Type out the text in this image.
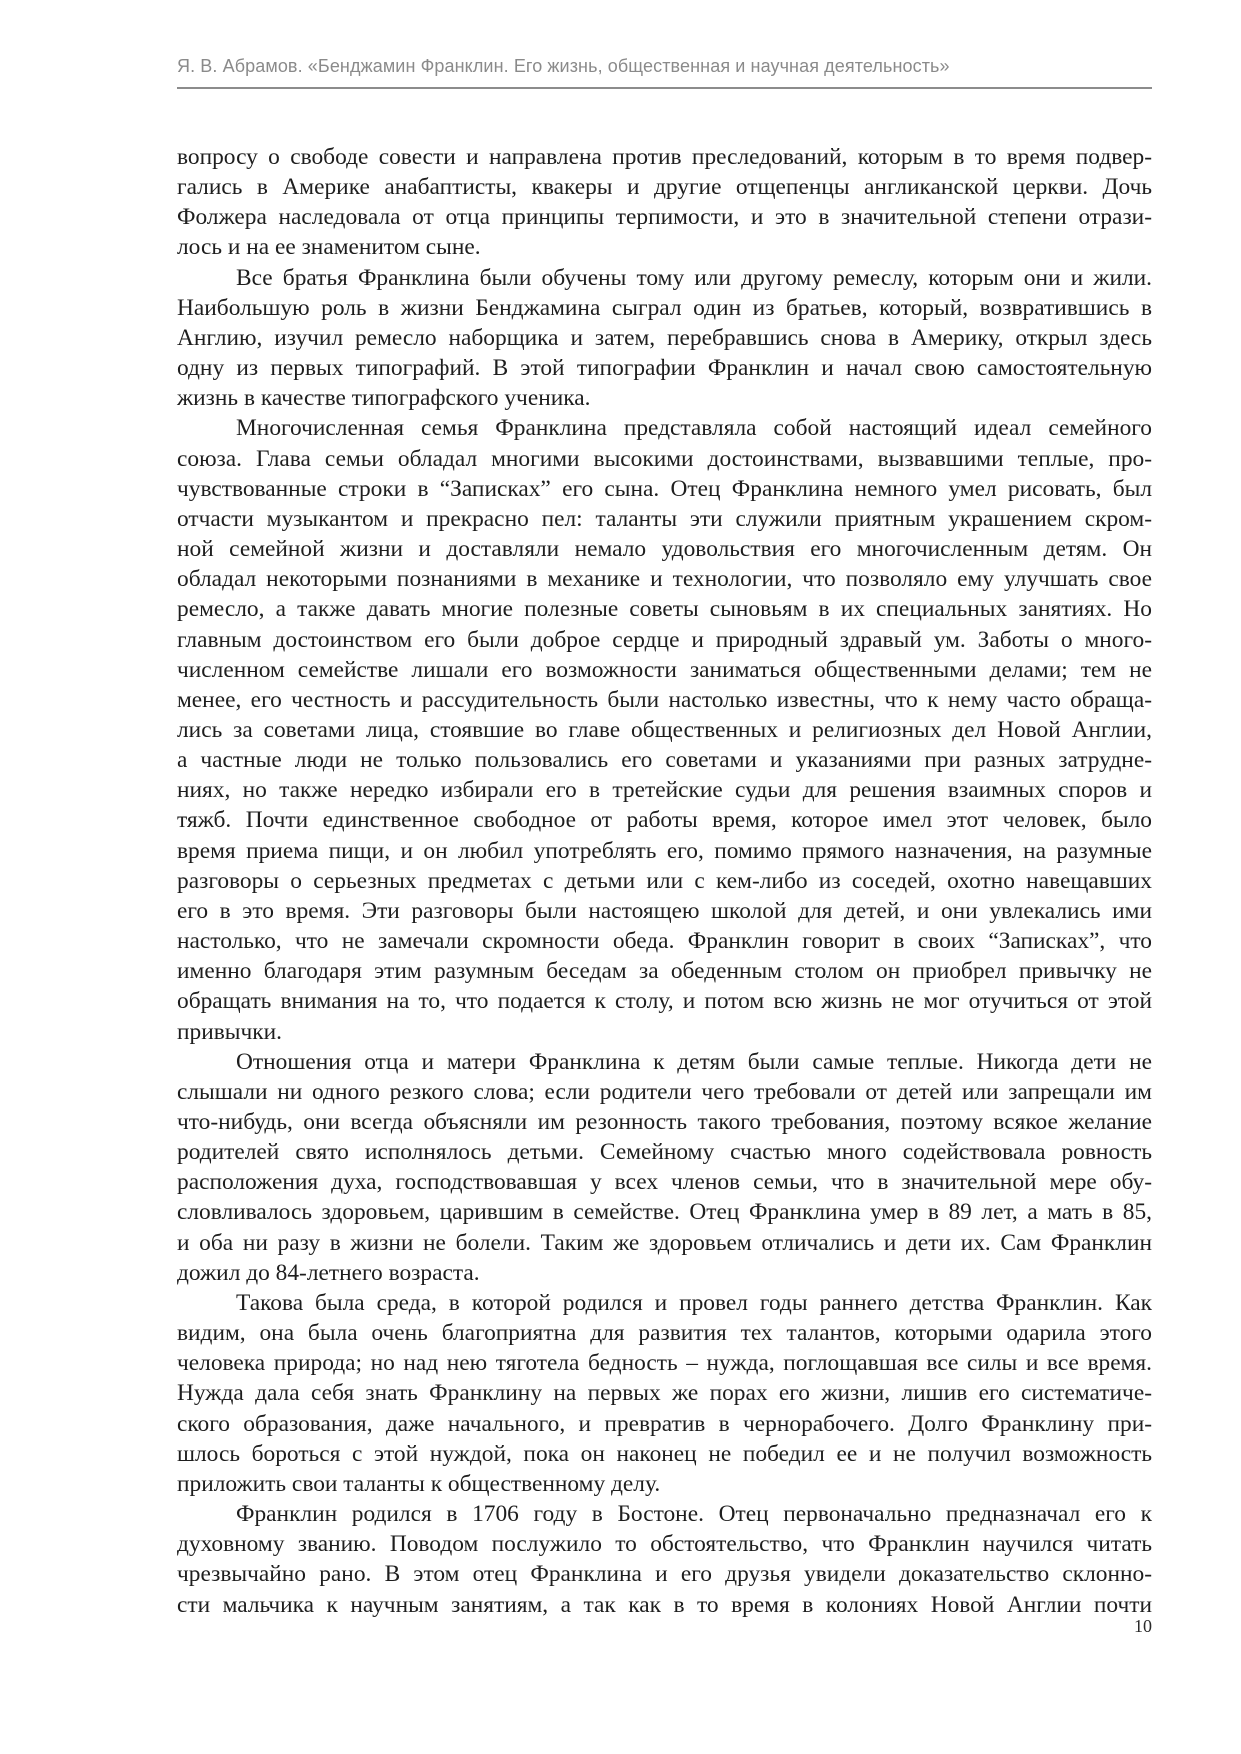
Я. В. Абрамов. «Бенджамин Франклин. Его жизнь, общественная и научная деятельность»
вопросу о свободе совести и направлена против преследований, которым в то время подвер-
гались в Америке анабаптисты, квакеры и другие отщепенцы англиканской церкви. Дочь
Фолжера наследовала от отца принципы терпимости, и это в значительной степени отрази-
лось и на ее знаменитом сыне.
Все братья Франклина были обучены тому или другому ремеслу, которым они и жили.
Наибольшую роль в жизни Бенджамина сыграл один из братьев, который, возвратившись в
Англию, изучил ремесло наборщика и затем, перебравшись снова в Америку, открыл здесь
одну из первых типографий. В этой типографии Франклин и начал свою самостоятельную
жизнь в качестве типографского ученика.
Многочисленная семья Франклина представляла собой настоящий идеал семейного
союза. Глава семьи обладал многими высокими достоинствами, вызвавшими теплые, про-
чувствованные строки в “Записках” его сына. Отец Франклина немного умел рисовать, был
отчасти музыкантом и прекрасно пел: таланты эти служили приятным украшением скром-
ной семейной жизни и доставляли немало удовольствия его многочисленным детям. Он
обладал некоторыми познаниями в механике и технологии, что позволяло ему улучшать свое
ремесло, а также давать многие полезные советы сыновьям в их специальных занятиях. Но
главным достоинством его были доброе сердце и природный здравый ум. Заботы о много-
численном семействе лишали его возможности заниматься общественными делами; тем не
менее, его честность и рассудительность были настолько известны, что к нему часто обраща-
лись за советами лица, стоявшие во главе общественных и религиозных дел Новой Англии,
а частные люди не только пользовались его советами и указаниями при разных затрудне-
ниях, но также нередко избирали его в третейские судьи для решения взаимных споров и
тяжб. Почти единственное свободное от работы время, которое имел этот человек, было
время приема пищи, и он любил употреблять его, помимо прямого назначения, на разумные
разговоры о серьезных предметах с детьми или с кем-либо из соседей, охотно навещавших
его в это время. Эти разговоры были настоящею школой для детей, и они увлекались ими
настолько, что не замечали скромности обеда. Франклин говорит в своих “Записках”, что
именно благодаря этим разумным беседам за обеденным столом он приобрел привычку не
обращать внимания на то, что подается к столу, и потом всю жизнь не мог отучиться от этой
привычки.
Отношения отца и матери Франклина к детям были самые теплые. Никогда дети не
слышали ни одного резкого слова; если родители чего требовали от детей или запрещали им
что-нибудь, они всегда объясняли им резонность такого требования, поэтому всякое желание
родителей свято исполнялось детьми. Семейному счастью много содействовала ровность
расположения духа, господствовавшая у всех членов семьи, что в значительной мере обу-
словливалось здоровьем, царившим в семействе. Отец Франклина умер в 89 лет, а мать в 85,
и оба ни разу в жизни не болели. Таким же здоровьем отличались и дети их. Сам Франклин
дожил до 84-летнего возраста.
Такова была среда, в которой родился и провел годы раннего детства Франклин. Как
видим, она была очень благоприятна для развития тех талантов, которыми одарила этого
человека природа; но над нею тяготела бедность – нужда, поглощавшая все силы и все время.
Нужда дала себя знать Франклину на первых же порах его жизни, лишив его систематиче-
ского образования, даже начального, и превратив в чернорабочего. Долго Франклину при-
шлось бороться с этой нуждой, пока он наконец не победил ее и не получил возможность
приложить свои таланты к общественному делу.
Франклин родился в 1706 году в Бостоне. Отец первоначально предназначал его к
духовному званию. Поводом послужило то обстоятельство, что Франклин научился читать
чрезвычайно рано. В этом отец Франклина и его друзья увидели доказательство склонно-
сти мальчика к научным занятиям, а так как в то время в колониях Новой Англии почти
10
